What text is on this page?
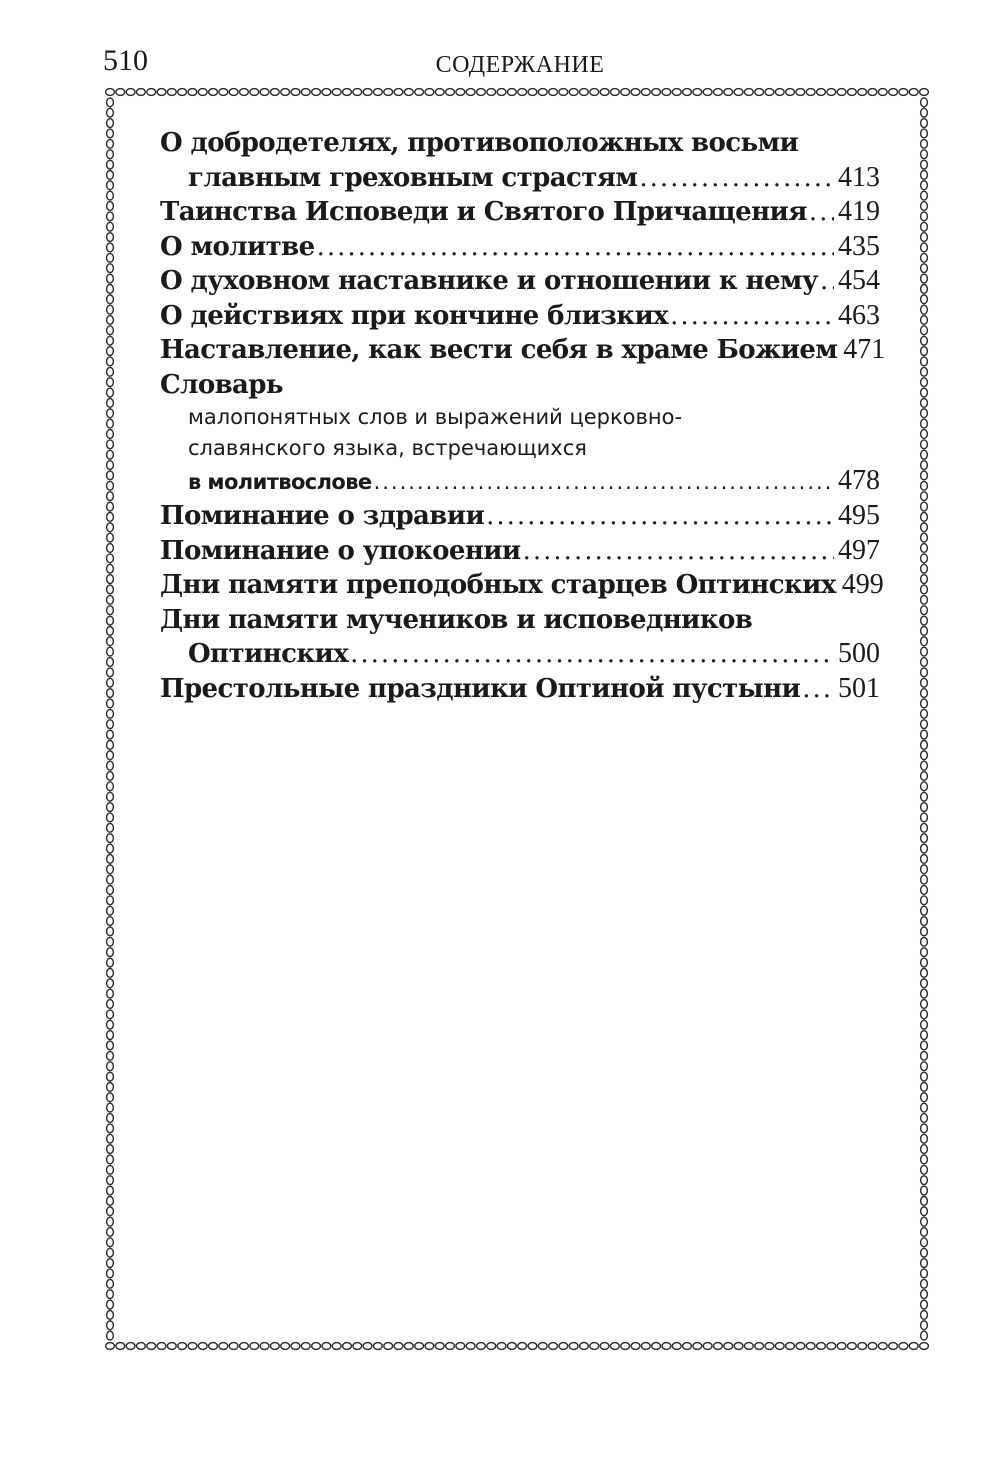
510	СОДЕРЖАНИЕ
О добродетелях, противоположных восьми
главным греховным страстям .....	413
Таинства Исповеди и Святого Причащения ..... 419
О молитве .....	435
О духовном наставнике и отношении к нему ..... 454
О действиях при кончине близких .....	463
Наставление, как вести себя в храме Божием 471
Словарь
малопонятных слов и выражений церковно-
славянского языка, встречающихся
в молитвослове .....	478
Поминание о здравии .....	495
Поминание о упокоении .....	497
Дни памяти преподобных старцев Оптинских 499
Дни памяти мучеников и исповедников
Оптинских .....	500
Престольные праздники Оптиной пустыни ..... 501
